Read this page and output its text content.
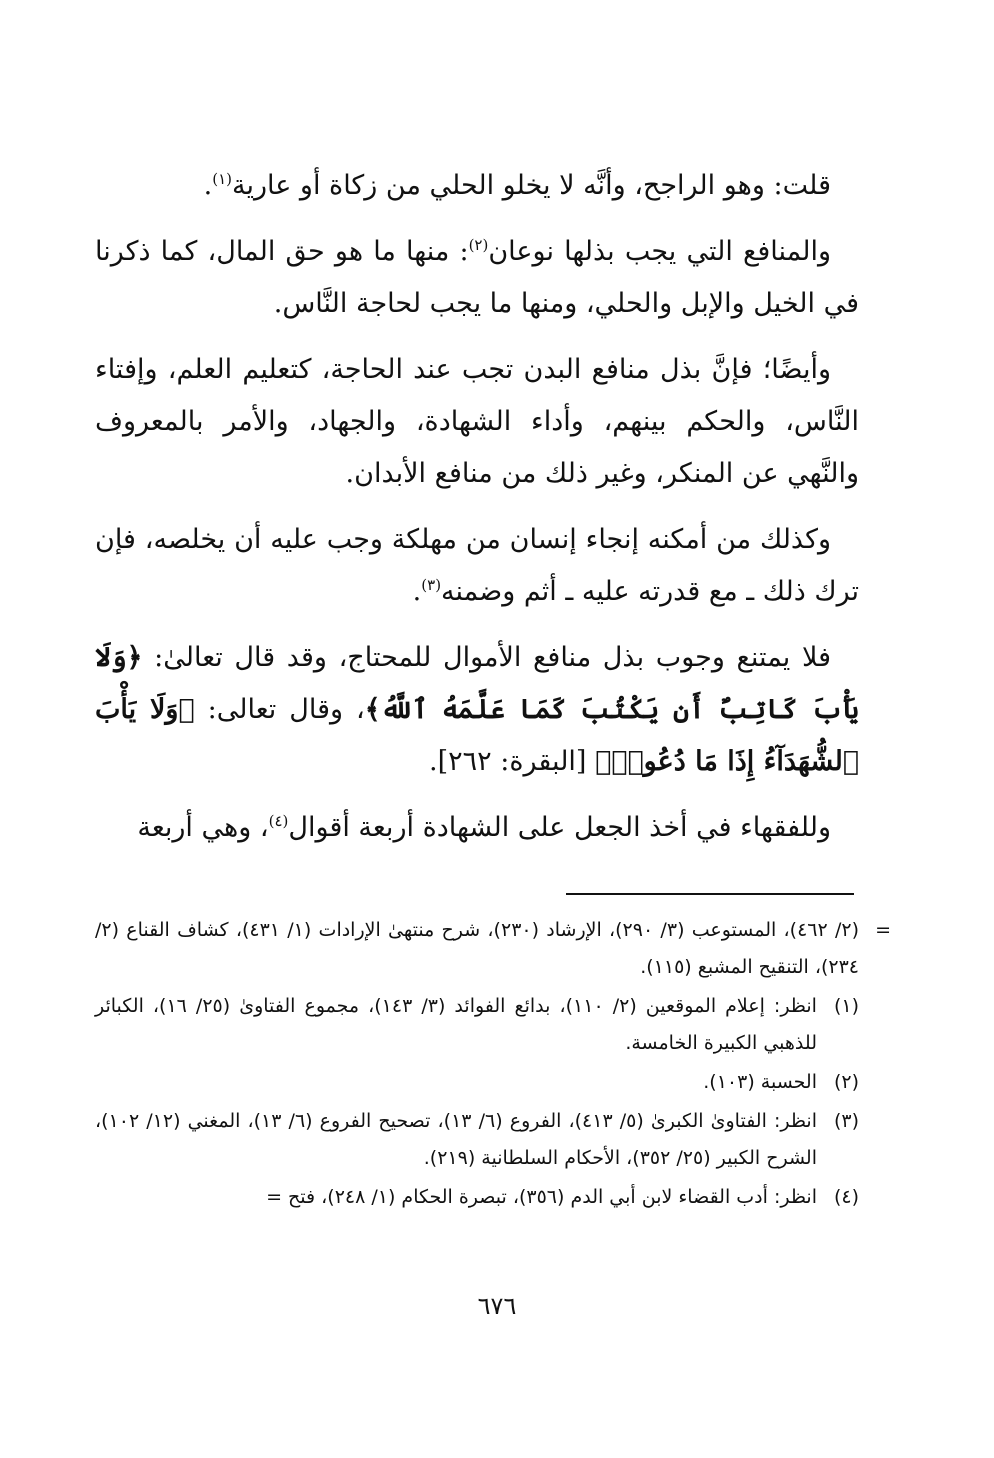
قلت: وهو الراجح، وأنَّه لا يخلو الحلي من زكاة أو عارية$^{(١)}$.

والمنافع التي يجب بذلها نوعان$^{(٢)}$: منها ما هو حق المال، كما ذكرنا في الخيل والإبل والحلي، ومنها ما يجب لحاجة النَّاس.

وأيضًا؛ فإنَّ بذل منافع البدن تجب عند الحاجة، كتعليم العلم، وإفتاء النَّاس، والحكم بينهم، وأداء الشهادة، والجهاد، والأمر بالمعروف والنَّهي عن المنكر، وغير ذلك من منافع الأبدان.

وكذلك من أمكنه إنجاء إنسان من مهلكة وجب عليه أن يخلصه، فإن ترك ذلك ـ مع قدرته عليه ـ أثم وضمنه$^{(٣)}$.

فلا يمتنع وجوب بذل منافع الأموال للمحتاج، وقد قال تعالىٰ: ﴿وَلَا يَأْبَ كَاتِبٌ أَن يَكْتُبَ كَمَا عَلَّمَهُ ٱللَّهُ﴾، وقال تعالى: ﴿وَلَا يَأْبَ ٱلشُّهَدَآءُ إِذَا مَا دُعُوا۟﴾ [البقرة: ٢٦٢].

وللفقهاء في أخذ الجعل على الشهادة أربعة أقوال$^{(٤)}$، وهي أربعة

=
(٢/ ٤٦٢)، المستوعب (٣/ ٢٩٠)، الإرشاد (٢٣٠)، شرح منتهىٰ الإرادات (١/ ٤٣١)، كشاف القناع (٢/ ٢٣٤)، التنقيح المشبع (١١٥).
(١)
انظر: إعلام الموقعين (٢/ ١١٠)، بدائع الفوائد (٣/ ١٤٣)، مجموع الفتاوىٰ (٢٥/ ١٦)، الكبائر للذهبي الكبيرة الخامسة.
(٢)
الحسبة (١٠٣).
(٣)
انظر: الفتاوىٰ الكبرىٰ (٥/ ٤١٣)، الفروع (٦/ ١٣)، تصحيح الفروع (٦/ ١٣)، المغني (١٢/ ١٠٢)، الشرح الكبير (٢٥/ ٣٥٢)، الأحكام السلطانية (٢١٩).
(٤)
انظر: أدب القضاء لابن أبي الدم (٣٥٦)، تبصرة الحكام (١/ ٢٤٨)، فتح =
٦٧٦
